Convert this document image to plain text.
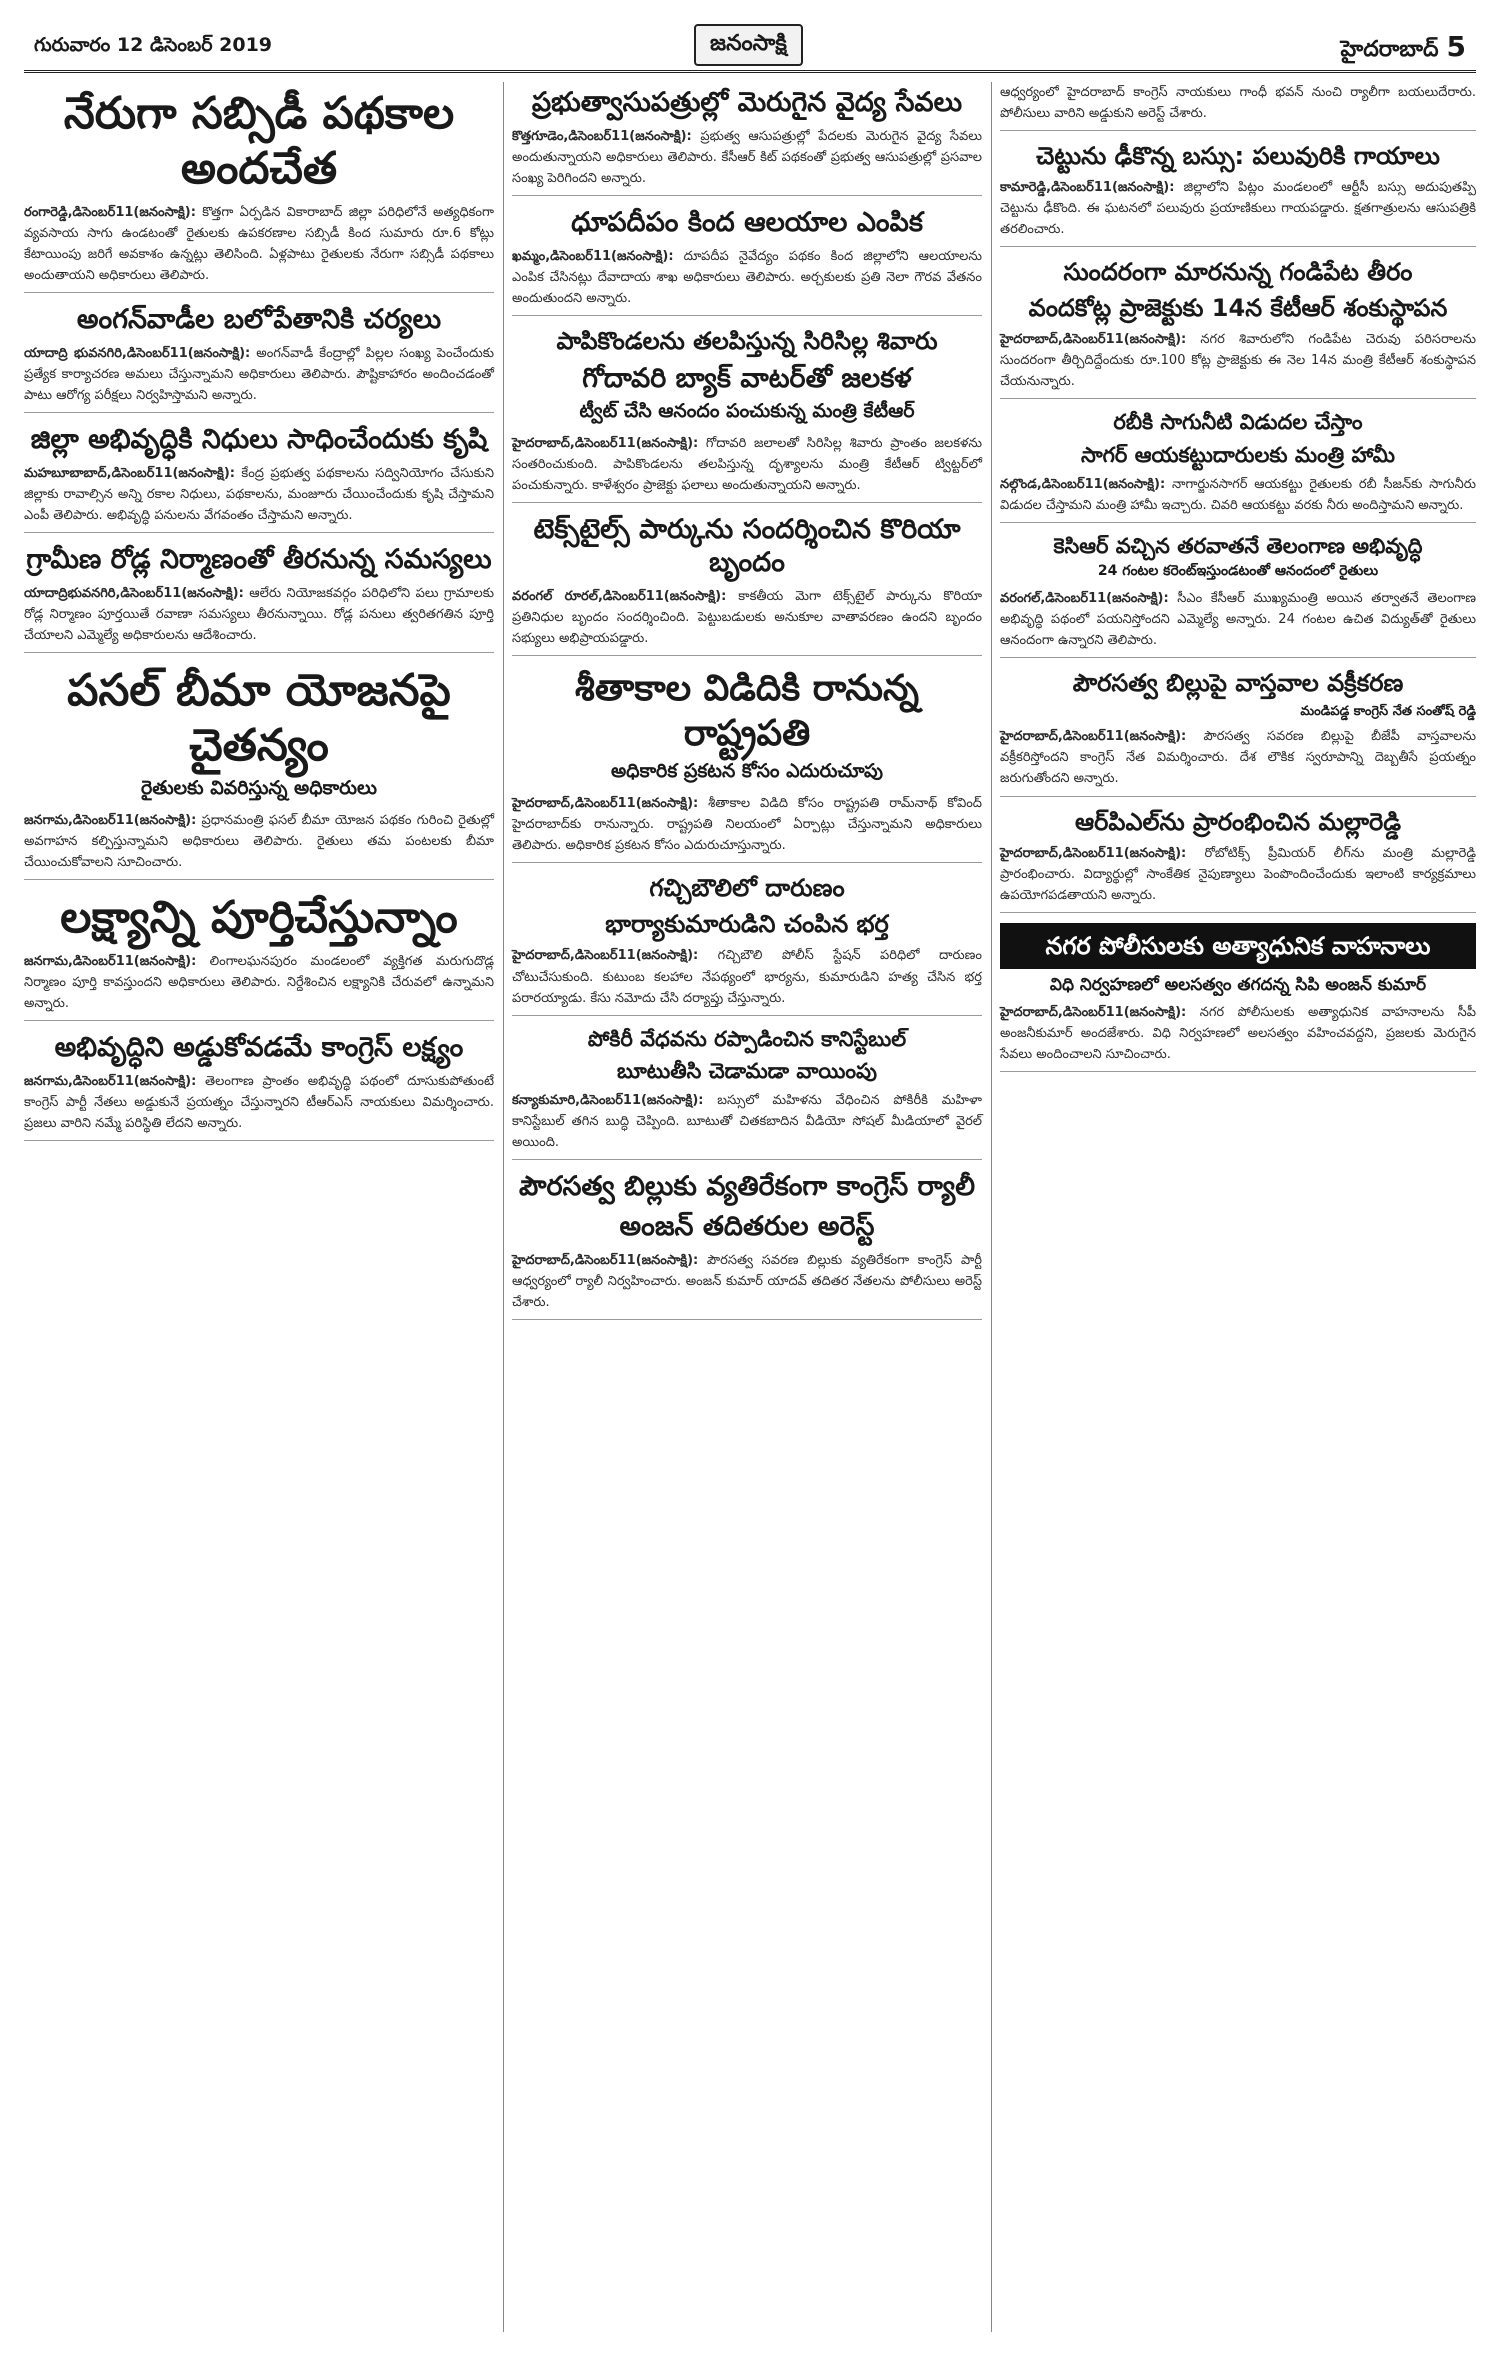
గురువారం 12 డిసెంబర్ 2019	జనంసాక్షి	హైదరాబాద్ 5
నేరుగా సబ్సిడీ పథకాల అందచేత
రంగారెడ్డి,డిసెంబర్11(జనంసాక్షి): కొత్తగా ఏర్పడిన వికారాబాద్ జిల్లా పరిధిలోనే అత్యధికంగా వ్యవసాయ సాగు ఉండటంతో రైతులకు ఉపకరణాల సబ్సిడీ కింద సుమారు రూ.6 కోట్లు కేటాయింపు జరిగే అవకాశం ఉన్నట్లు తెలిసింది. ఏళ్లపాటు రైతులకు నేరుగా సబ్సిడీ పథకాలు అందుతాయని అధికారులు తెలిపారు.
అంగన్‌వాడీల బలోపేతానికి చర్యలు
యాదాద్రి భువనగిరి,డిసెంబర్11(జనంసాక్షి): అంగన్‌వాడీ కేంద్రాల్లో పిల్లల సంఖ్య పెంచేందుకు ప్రత్యేక కార్యాచరణ అమలు చేస్తున్నామని అధికారులు తెలిపారు. పౌష్టికాహారం అందించడంతో పాటు ఆరోగ్య పరీక్షలు నిర్వహిస్తామని అన్నారు.
జిల్లా అభివృద్ధికి నిధులు సాధించేందుకు కృషి
మహబూబాబాద్,డిసెంబర్11(జనంసాక్షి): కేంద్ర ప్రభుత్వ పథకాలను సద్వినియోగం చేసుకుని జిల్లాకు రావాల్సిన అన్ని రకాల నిధులు, పథకాలను, మంజూరు చేయించేందుకు కృషి చేస్తామని ఎంపీ తెలిపారు. అభివృద్ధి పనులను వేగవంతం చేస్తామని అన్నారు.
గ్రామీణ రోడ్ల నిర్మాణంతో తీరనున్న సమస్యలు
యాదాద్రిభువనగిరి,డిసెంబర్11(జనంసాక్షి): ఆలేరు నియోజకవర్గం పరిధిలోని పలు గ్రామాలకు రోడ్ల నిర్మాణం పూర్తయితే రవాణా సమస్యలు తీరనున్నాయి. రోడ్ల పనులు త్వరితగతిన పూర్తి చేయాలని ఎమ్మెల్యే అధికారులను ఆదేశించారు.
పసల్ బీమా యోజనపై చైతన్యం
రైతులకు వివరిస్తున్న అధికారులు
జనగామ,డిసెంబర్11(జనంసాక్షి): ప్రధానమంత్రి ఫసల్ బీమా యోజన పథకం గురించి రైతుల్లో అవగాహన కల్పిస్తున్నామని అధికారులు తెలిపారు. రైతులు తమ పంటలకు బీమా చేయించుకోవాలని సూచించారు.
లక్ష్యాన్ని పూర్తిచేస్తున్నాం
జనగామ,డిసెంబర్11(జనంసాక్షి): లింగాలఘనపురం మండలంలో వ్యక్తిగత మరుగుదొడ్ల నిర్మాణం పూర్తి కావస్తుందని అధికారులు తెలిపారు. నిర్దేశించిన లక్ష్యానికి చేరువలో ఉన్నామని అన్నారు.
అభివృద్ధిని అడ్డుకోవడమే కాంగ్రెస్ లక్ష్యం
జనగామ,డిసెంబర్11(జనంసాక్షి): తెలంగాణ ప్రాంతం అభివృద్ధి పథంలో దూసుకుపోతుంటే కాంగ్రెస్ పార్టీ నేతలు అడ్డుకునే ప్రయత్నం చేస్తున్నారని టీఆర్ఎస్ నాయకులు విమర్శించారు. ప్రజలు వారిని నమ్మే పరిస్థితి లేదని అన్నారు.
ప్రభుత్వాసుపత్రుల్లో మెరుగైన వైద్య సేవలు
కొత్తగూడెం,డిసెంబర్11(జనంసాక్షి): ప్రభుత్వ ఆసుపత్రుల్లో పేదలకు మెరుగైన వైద్య సేవలు అందుతున్నాయని అధికారులు తెలిపారు. కేసీఆర్ కిట్ పథకంతో ప్రభుత్వ ఆసుపత్రుల్లో ప్రసవాల సంఖ్య పెరిగిందని అన్నారు.
ధూపదీపం కింద ఆలయాల ఎంపిక
ఖమ్మం,డిసెంబర్11(జనంసాక్షి): దూపదీప నైవేద్యం పథకం కింద జిల్లాలోని ఆలయాలను ఎంపిక చేసినట్లు దేవాదాయ శాఖ అధికారులు తెలిపారు. అర్చకులకు ప్రతి నెలా గౌరవ వేతనం అందుతుందని అన్నారు.
పాపికొండలను తలపిస్తున్న సిరిసిల్ల శివారు
గోదావరి బ్యాక్ వాటర్‌తో జలకళ
ట్వీట్ చేసి ఆనందం పంచుకున్న మంత్రి కేటీఆర్
హైదరాబాద్,డిసెంబర్11(జనంసాక్షి): గోదావరి జలాలతో సిరిసిల్ల శివారు ప్రాంతం జలకళను సంతరించుకుంది. పాపికొండలను తలపిస్తున్న దృశ్యాలను మంత్రి కేటీఆర్ ట్విట్టర్‌లో పంచుకున్నారు. కాళేశ్వరం ప్రాజెక్టు ఫలాలు అందుతున్నాయని అన్నారు.
టెక్స్‌టైల్స్ పార్కును సందర్శించిన కొరియా బృందం
వరంగల్ రూరల్,డిసెంబర్11(జనంసాక్షి): కాకతీయ మెగా టెక్స్‌టైల్ పార్కును కొరియా ప్రతినిధుల బృందం సందర్శించింది. పెట్టుబడులకు అనుకూల వాతావరణం ఉందని బృందం సభ్యులు అభిప్రాయపడ్డారు.
శీతాకాల విడిదికి రానున్న రాష్ట్రపతి
అధికారిక ప్రకటన కోసం ఎదురుచూపు
హైదరాబాద్,డిసెంబర్11(జనంసాక్షి): శీతాకాల విడిది కోసం రాష్ట్రపతి రామ్‌నాథ్ కోవింద్ హైదరాబాద్‌కు రానున్నారు. రాష్ట్రపతి నిలయంలో ఏర్పాట్లు చేస్తున్నామని అధికారులు తెలిపారు. అధికారిక ప్రకటన కోసం ఎదురుచూస్తున్నారు.
గచ్చిబౌలిలో దారుణం
భార్యాకుమారుడిని చంపిన భర్త
హైదరాబాద్,డిసెంబర్11(జనంసాక్షి): గచ్చిబౌలి పోలీస్ స్టేషన్ పరిధిలో దారుణం చోటుచేసుకుంది. కుటుంబ కలహాల నేపథ్యంలో భార్యను, కుమారుడిని హత్య చేసిన భర్త పరారయ్యాడు. కేసు నమోదు చేసి దర్యాప్తు చేస్తున్నారు.
పోకిరీ వేధవను రప్పాడించిన కానిస్టేబుల్
బూటుతీసి చెడామడా వాయింపు
కన్యాకుమారి,డిసెంబర్11(జనంసాక్షి): బస్సులో మహిళను వేధించిన పోకిరీకి మహిళా కానిస్టేబుల్ తగిన బుద్ధి చెప్పింది. బూటుతో చితకబాదిన వీడియో సోషల్ మీడియాలో వైరల్ అయింది.
పౌరసత్వ బిల్లుకు వ్యతిరేకంగా కాంగ్రెస్ ర్యాలీ
అంజన్ తదితరుల అరెస్ట్
హైదరాబాద్,డిసెంబర్11(జనంసాక్షి): పౌరసత్వ సవరణ బిల్లుకు వ్యతిరేకంగా కాంగ్రెస్ పార్టీ ఆధ్వర్యంలో ర్యాలీ నిర్వహించారు. అంజన్ కుమార్ యాదవ్ తదితర నేతలను పోలీసులు అరెస్ట్ చేశారు.
ఆధ్వర్యంలో హైదరాబాద్ కాంగ్రెస్ నాయకులు గాంధీ భవన్ నుంచి ర్యాలీగా బయలుదేరారు. పోలీసులు వారిని అడ్డుకుని అరెస్ట్ చేశారు.
చెట్టును ఢీకొన్న బస్సు: పలువురికి గాయాలు
కామారెడ్డి,డిసెంబర్11(జనంసాక్షి): జిల్లాలోని పిట్లం మండలంలో ఆర్టీసీ బస్సు అదుపుతప్పి చెట్టును ఢీకొంది. ఈ ఘటనలో పలువురు ప్రయాణికులు గాయపడ్డారు. క్షతగాత్రులను ఆసుపత్రికి తరలించారు.
సుందరంగా మారనున్న గండిపేట తీరం
వందకోట్ల ప్రాజెక్టుకు 14న కేటీఆర్ శంకుస్థాపన
హైదరాబాద్,డిసెంబర్11(జనంసాక్షి): నగర శివారులోని గండిపేట చెరువు పరిసరాలను సుందరంగా తీర్చిదిద్దేందుకు రూ.100 కోట్ల ప్రాజెక్టుకు ఈ నెల 14న మంత్రి కేటీఆర్ శంకుస్థాపన చేయనున్నారు.
రబీకి సాగునీటి విడుదల చేస్తాం
సాగర్ ఆయకట్టుదారులకు మంత్రి హామీ
నల్గొండ,డిసెంబర్11(జనంసాక్షి): నాగార్జునసాగర్ ఆయకట్టు రైతులకు రబీ సీజన్‌కు సాగునీరు విడుదల చేస్తామని మంత్రి హామీ ఇచ్చారు. చివరి ఆయకట్టు వరకు నీరు అందిస్తామని అన్నారు.
కెసిఆర్ వచ్చిన తరవాతనే తెలంగాణ అభివృద్ధి
24 గంటల కరెంట్‌ఇస్తుండటంతో ఆనందంలో రైతులు
వరంగల్,డిసెంబర్11(జనంసాక్షి): సీఎం కేసీఆర్ ముఖ్యమంత్రి అయిన తర్వాతనే తెలంగాణ అభివృద్ధి పథంలో పయనిస్తోందని ఎమ్మెల్యే అన్నారు. 24 గంటల ఉచిత విద్యుత్‌తో రైతులు ఆనందంగా ఉన్నారని తెలిపారు.
పౌరసత్వ బిల్లుపై వాస్తవాల వక్రీకరణ
మండిపడ్డ కాంగ్రెస్ నేత సంతోష్ రెడ్డి
హైదరాబాద్,డిసెంబర్11(జనంసాక్షి): పౌరసత్వ సవరణ బిల్లుపై బీజేపీ వాస్తవాలను వక్రీకరిస్తోందని కాంగ్రెస్ నేత విమర్శించారు. దేశ లౌకిక స్వరూపాన్ని దెబ్బతీసే ప్రయత్నం జరుగుతోందని అన్నారు.
ఆర్‌పిఎల్‌ను ప్రారంభించిన మల్లారెడ్డి
హైదరాబాద్,డిసెంబర్11(జనంసాక్షి): రోబోటిక్స్ ప్రీమియర్ లీగ్‌ను మంత్రి మల్లారెడ్డి ప్రారంభించారు. విద్యార్థుల్లో సాంకేతిక నైపుణ్యాలు పెంపొందించేందుకు ఇలాంటి కార్యక్రమాలు ఉపయోగపడతాయని అన్నారు.
నగర పోలీసులకు అత్యాధునిక వాహనాలు
విధి నిర్వహణలో అలసత్వం తగదన్న సిపి అంజన్ కుమార్
హైదరాబాద్,డిసెంబర్11(జనంసాక్షి): నగర పోలీసులకు అత్యాధునిక వాహనాలను సీపీ అంజనీకుమార్ అందజేశారు. విధి నిర్వహణలో అలసత్వం వహించవద్దని, ప్రజలకు మెరుగైన సేవలు అందించాలని సూచించారు.
